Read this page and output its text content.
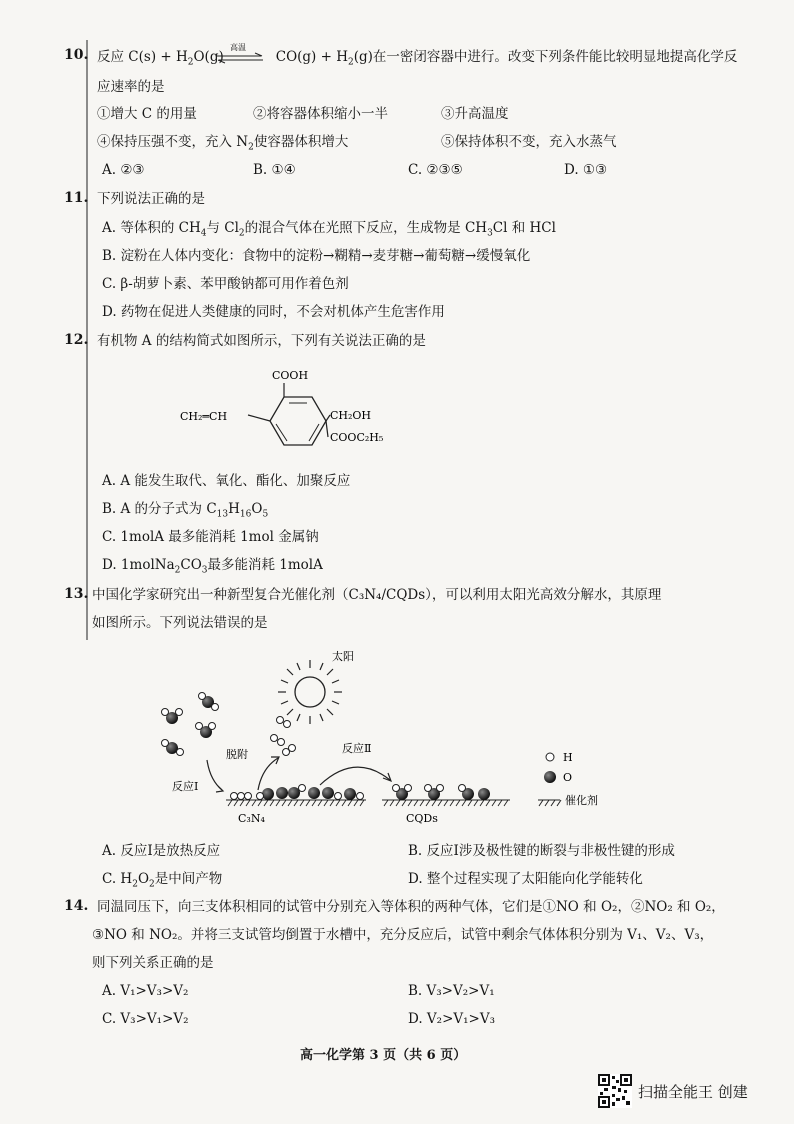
10. 反应 $C(s) + H_2O(g)$	$CO(g) + H_2(g)$在一密闭容器中进行。改变下列条件能比较明显地提高化学反
高温
应速率的是
①增大 C 的用量	②将容器体积缩小一半	③升高温度
④保持压强不变，充入 $N_2$使容器体积增大	⑤保持体积不变，充入水蒸气
A. ②③	B. ①④	C. ②③⑤	D. ①③
11. 下列说法正确的是
A. 等体积的 $CH_4$与 $Cl_2$的混合气体在光照下反应，生成物是 $CH_3Cl$ 和 HCl
B. 淀粉在人体内变化：食物中的淀粉→糊精→麦芽糖→葡萄糖→缓慢氧化
C. β-胡萝卜素、苯甲酸钠都可用作着色剂
D. 药物在促进人类健康的同时，不会对机体产生危害作用
12. 有机物 A 的结构简式如图所示，下列有关说法正确的是
COOH
CH₂═CH	CH₂OH
COOC₂H₅
A. A 能发生取代、氧化、酯化、加聚反应
B. A 的分子式为 $C_{13}H_{16}O_5$
C. 1molA 最多能消耗 1mol 金属钠
D. $1molNa_2CO_3$最多能消耗 1molA
13. 中国化学家研究出一种新型复合光催化剂（C₃N₄/CQDs），可以利用太阳光高效分解水，其原理
如图所示。下列说法错误的是
太阳
脱附
反应Ⅰ
反应Ⅱ
C₃N₄	CQDs
H
O
催化剂
A. 反应Ⅰ是放热反应	B. 反应Ⅰ涉及极性键的断裂与非极性键的形成
C. $H_2O_2$是中间产物	D. 整个过程实现了太阳能向化学能转化
14. 同温同压下，向三支体积相同的试管中分别充入等体积的两种气体，它们是①NO 和 O₂，②NO₂ 和 O₂，
③NO 和 NO₂。并将三支试管均倒置于水槽中，充分反应后，试管中剩余气体体积分别为 V₁、V₂、V₃，
则下列关系正确的是
A. V₁>V₃>V₂	B. V₃>V₂>V₁
C. V₃>V₁>V₂	D. V₂>V₁>V₃
高一化学第 3 页（共 6 页）
扫描全能王 创建
